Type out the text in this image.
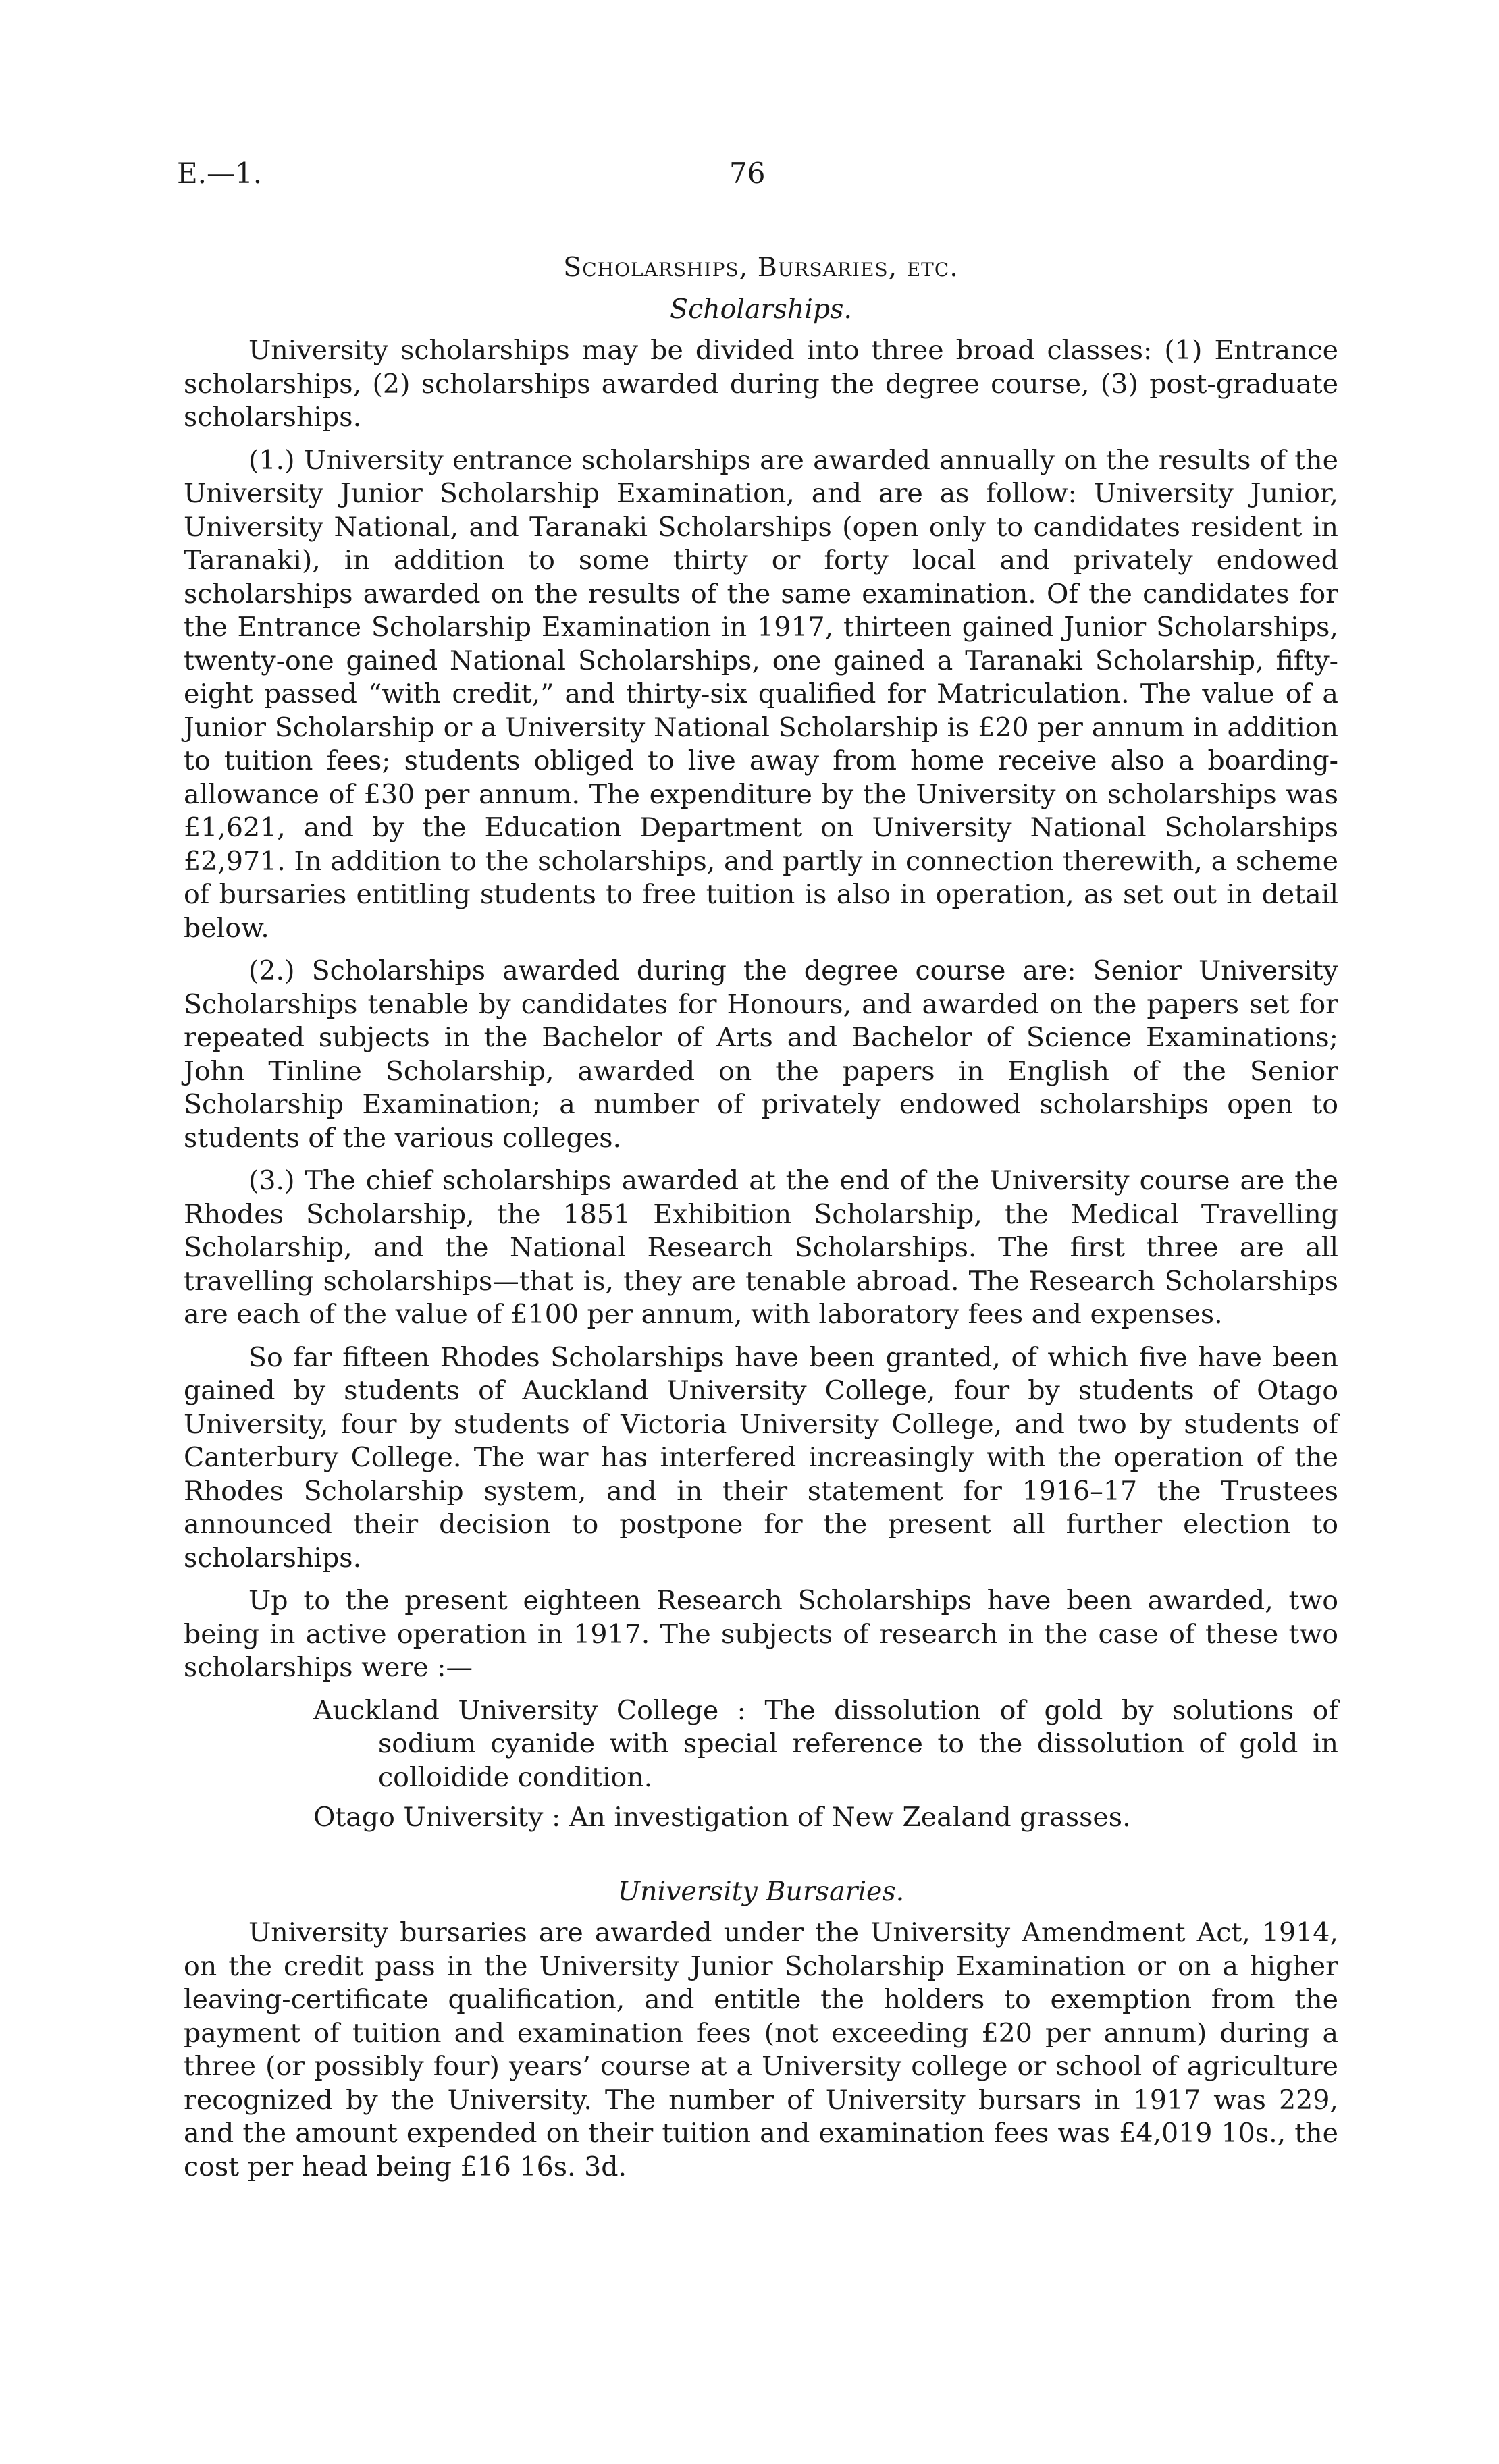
E.—1.	76
Scholarships, Bursaries, etc.
Scholarships.

University scholarships may be divided into three broad classes: (1) Entrance scholarships, (2) scholarships awarded during the degree course, (3) post-graduate scholarships.

(1.) University entrance scholarships are awarded annually on the results of the University Junior Scholarship Examination, and are as follow: University Junior, University National, and Taranaki Scholarships (open only to candidates resident in Taranaki), in addition to some thirty or forty local and privately endowed scholarships awarded on the results of the same examination. Of the candidates for the Entrance Scholarship Examination in 1917, thirteen gained Junior Scholarships, twenty-one gained National Scholarships, one gained a Taranaki Scholarship, fifty-eight passed “with credit,” and thirty-six qualified for Matriculation. The value of a Junior Scholarship or a University National Scholarship is £20 per annum in addition to tuition fees; students obliged to live away from home receive also a boarding-allowance of £30 per annum. The expenditure by the University on scholarships was £1,621, and by the Education Department on University National Scholarships £2,971. In addition to the scholarships, and partly in connection therewith, a scheme of bursaries entitling students to free tuition is also in operation, as set out in detail below.

(2.) Scholarships awarded during the degree course are: Senior University Scholarships tenable by candidates for Honours, and awarded on the papers set for repeated subjects in the Bachelor of Arts and Bachelor of Science Examinations; John Tinline Scholarship, awarded on the papers in English of the Senior Scholarship Examination; a number of privately endowed scholarships open to students of the various colleges.

(3.) The chief scholarships awarded at the end of the University course are the Rhodes Scholarship, the 1851 Exhibition Scholarship, the Medical Travelling Scholarship, and the National Research Scholarships. The first three are all travelling scholarships—that is, they are tenable abroad. The Research Scholarships are each of the value of £100 per annum, with laboratory fees and expenses.

So far fifteen Rhodes Scholarships have been granted, of which five have been gained by students of Auckland University College, four by students of Otago University, four by students of Victoria University College, and two by students of Canterbury College. The war has interfered increasingly with the operation of the Rhodes Scholarship system, and in their statement for 1916–17 the Trustees announced their decision to postpone for the present all further election to scholarships.

Up to the present eighteen Research Scholarships have been awarded, two being in active operation in 1917. The subjects of research in the case of these two scholarships were :—

Auckland University College : The dissolution of gold by solutions of sodium cyanide with special reference to the dissolution of gold in colloidide condition.
Otago University : An investigation of New Zealand grasses.
University Bursaries.

University bursaries are awarded under the University Amendment Act, 1914, on the credit pass in the University Junior Scholarship Examination or on a higher leaving-certificate qualification, and entitle the holders to exemption from the payment of tuition and examination fees (not exceeding £20 per annum) during a three (or possibly four) years’ course at a University college or school of agriculture recognized by the University. The number of University bursars in 1917 was 229, and the amount expended on their tuition and examination fees was £4,019 10s., the cost per head being £16 16s. 3d.
